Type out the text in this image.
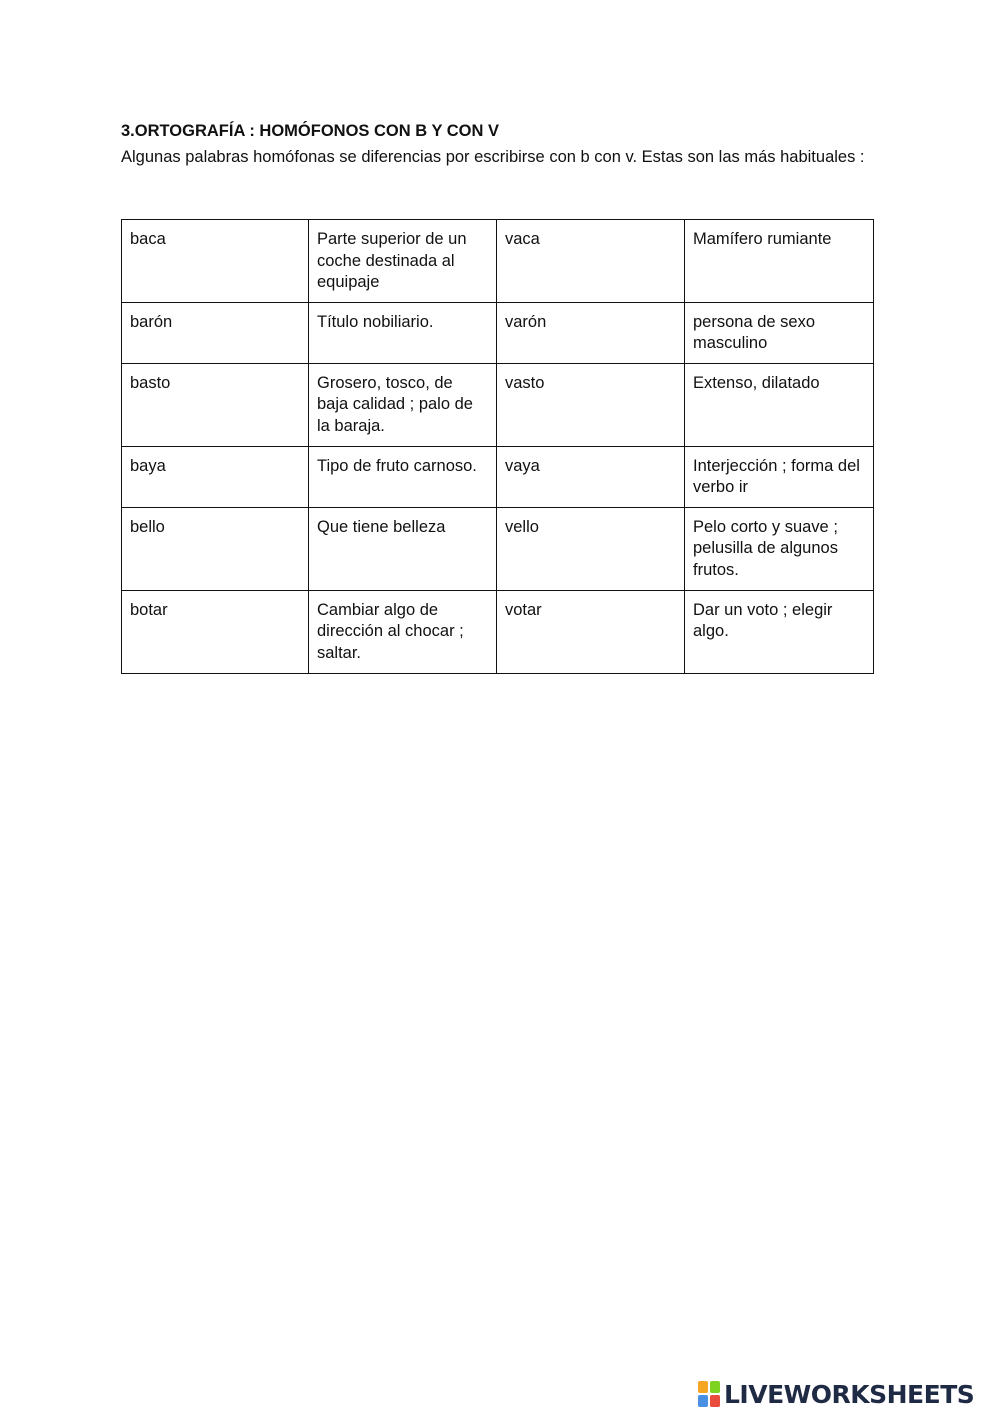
3.ORTOGRAFÍA : HOMÓFONOS CON B Y CON V
Algunas palabras homófonas se diferencias por escribirse con b con v. Estas son las más habituales :
baca	Parte superior de un coche destinada al equipaje	vaca	Mamífero rumiante
barón	Título nobiliario.	varón	persona de sexo masculino
basto	Grosero, tosco, de baja calidad ; palo de la baraja.	vasto	Extenso, dilatado
baya	Tipo de fruto carnoso.	vaya	Interjección ; forma del verbo ir
bello	Que tiene belleza	vello	Pelo corto y suave ; pelusilla de algunos frutos.
botar	Cambiar algo de dirección al chocar ; saltar.	votar	Dar un voto ; elegir algo.
LIVEWORKSHEETS
